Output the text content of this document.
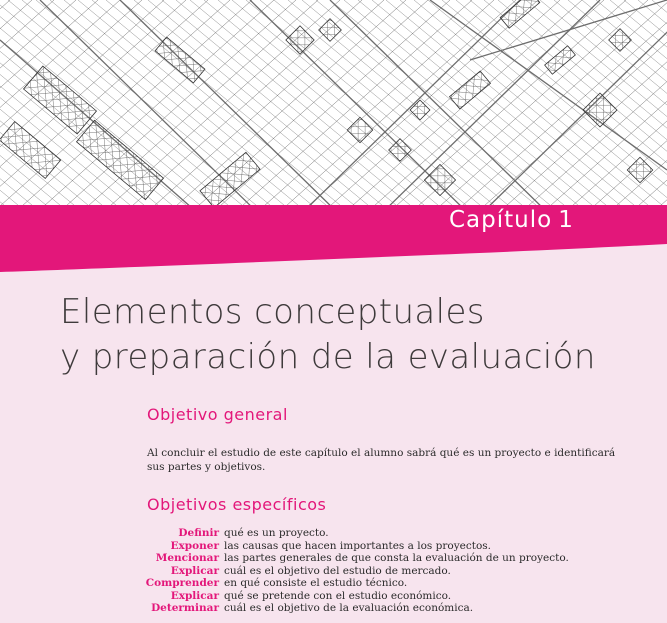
Capítulo 1
Elementos conceptuales
y preparación de la evaluación
Objetivo general
Al concluir el estudio de este capítulo el alumno sabrá qué es un proyecto e identificará
sus partes y objetivos.
Objetivos específicos
Definir qué es un proyecto.
Exponer las causas que hacen importantes a los proyectos.
Mencionar las partes generales de que consta la evaluación de un proyecto.
Explicar cuál es el objetivo del estudio de mercado.
Comprender en qué consiste el estudio técnico.
Explicar qué se pretende con el estudio económico.
Determinar cuál es el objetivo de la evaluación económica.
